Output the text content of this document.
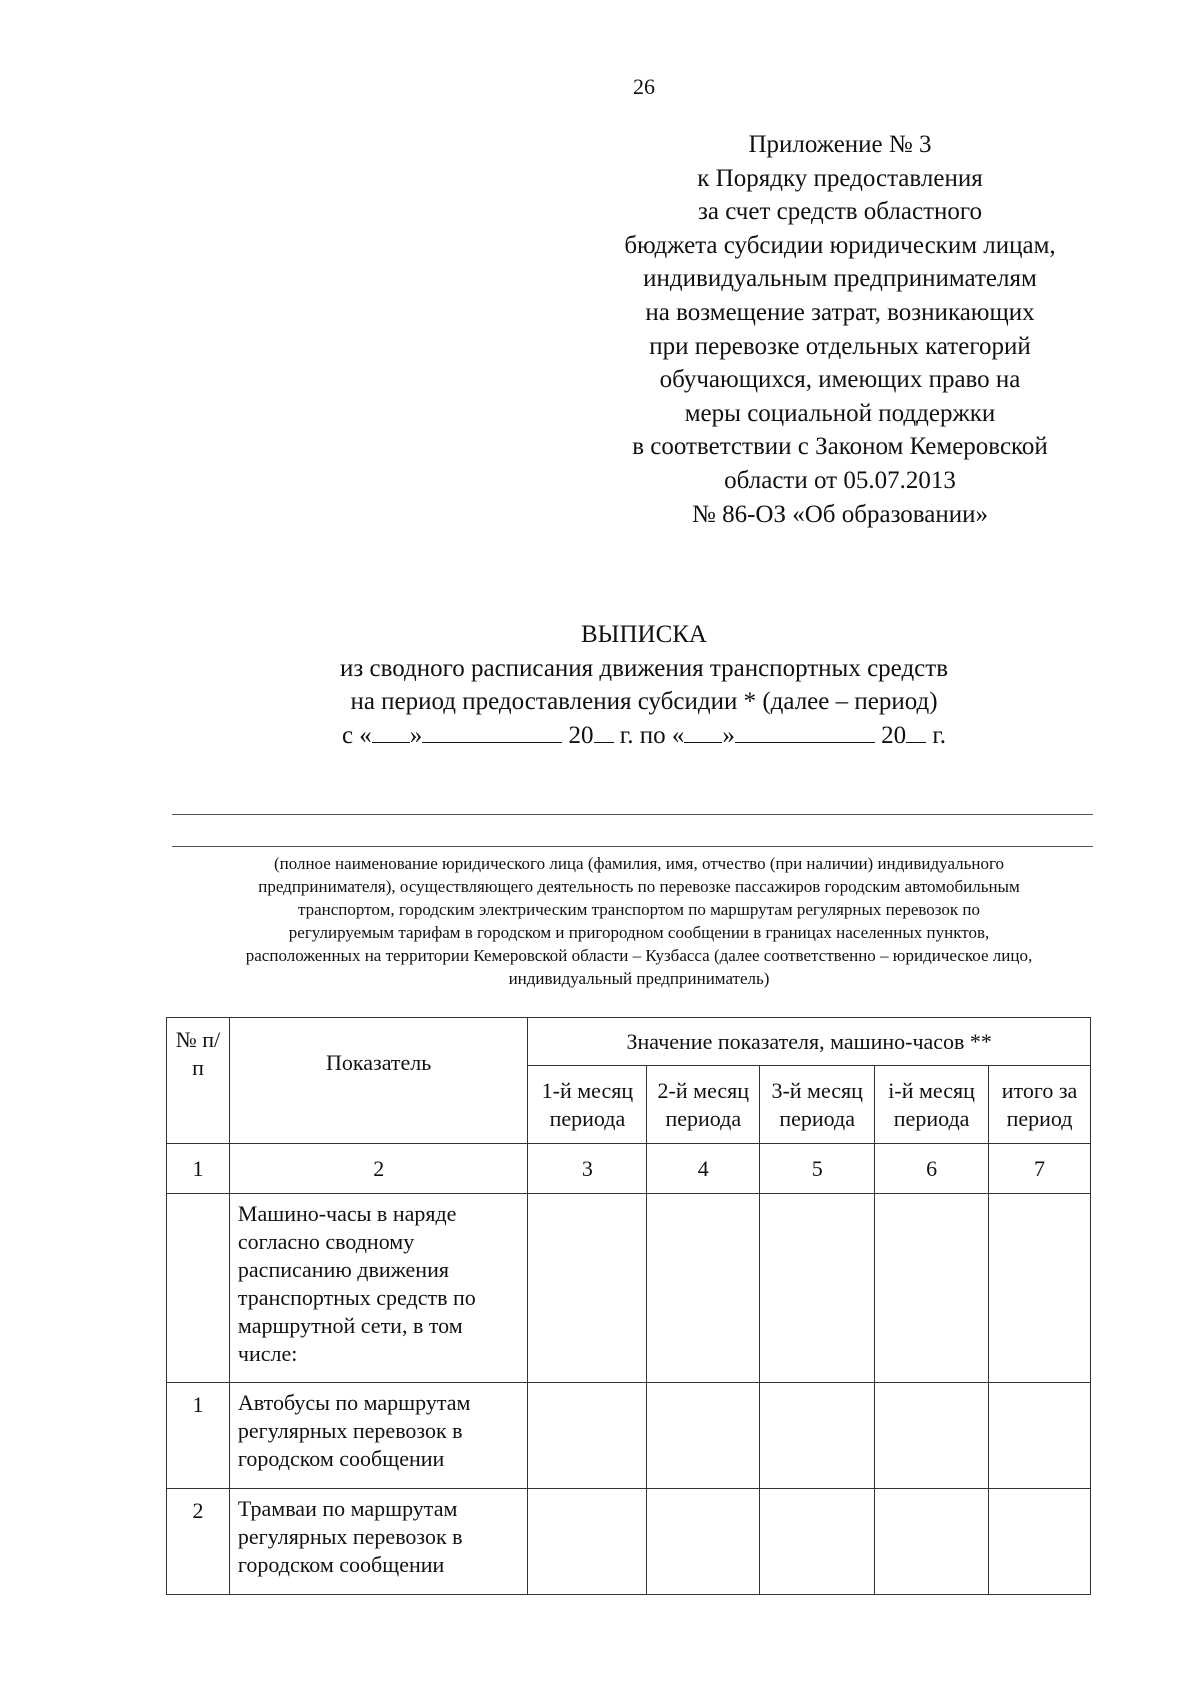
26
Приложение № 3
к Порядку предоставления
за счет средств областного
бюджета субсидии юридическим лицам,
индивидуальным предпринимателям
на возмещение затрат, возникающих
при перевозке отдельных категорий
обучающихся, имеющих право на
меры социальной поддержки
в соответствии с Законом Кемеровской
области от 05.07.2013
№ 86-ОЗ «Об образовании»
ВЫПИСКА
из сводного расписания движения транспортных средств
на период предоставления субсидии * (далее – период)
с « »	20 г. по « »	20 г.
(полное наименование юридического лица (фамилия, имя, отчество (при наличии) индивидуального
предпринимателя), осуществляющего деятельность по перевозке пассажиров городским автомобильным
транспортом, городским электрическим транспортом по маршрутам регулярных перевозок по
регулируемым тарифам в городском и пригородном сообщении в границах населенных пунктов,
расположенных на территории Кемеровской области – Кузбасса (далее соответственно – юридическое лицо,
индивидуальный предприниматель)
№ п/п	Показатель	Значение показателя, машино-часов **				
		1-й месяц периода	2-й месяц периода	3-й месяц периода	i-й месяц периода	итого за период
1	2	3	4	5	6	7
	Машино-часы в наряде согласно сводному расписанию движения транспортных средств по маршрутной сети, в том числе:					
1	Автобусы по маршрутам регулярных перевозок в городском сообщении					
2	Трамваи по маршрутам регулярных перевозок в городском сообщении					
